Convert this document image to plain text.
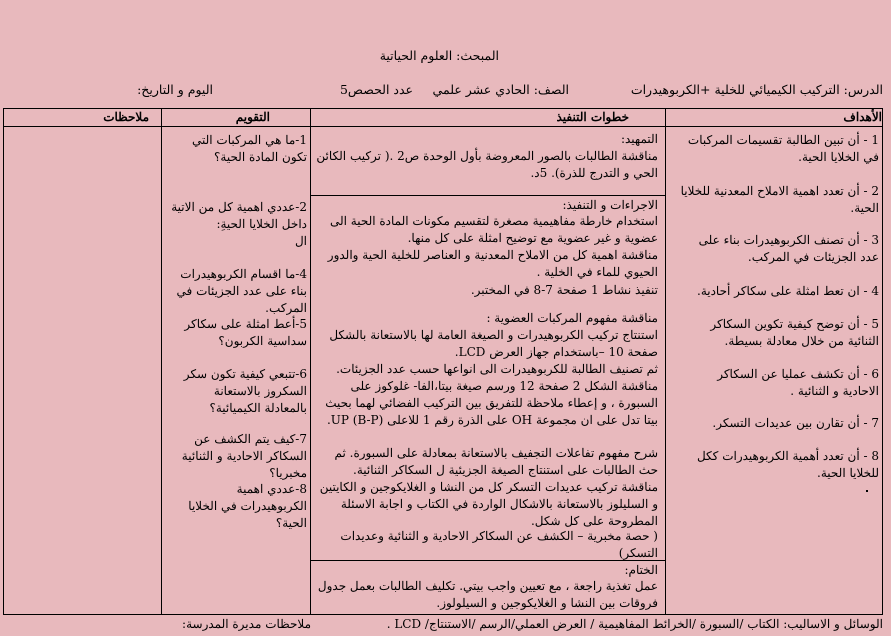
المبحث: العلوم الحياتية
الدرس: التركيب الكيميائي للخلية +الكربوهيدرات
الصف: الحادي عشر علمي
عدد الحصص5
اليوم و التاريخ:
الأهداف
خطوات التنفيذ
التقويم
ملاحظات
1 - أن تبين الطالبة تقسيمات المركبات في الخلايا الحية.
2 - أن تعدد اهمية الاملاح المعدنية للخلايا الحية.
3 - أن تصنف الكربوهيدرات بناء على عدد الجزيئات في المركب.
4 - ان تعط امثلة على سكاكر أحادية.
5 - أن توضح كيفية تكوين السكاكر الثنائية من خلال معادلة بسيطة.
6 - أن تكشف عمليا عن السكاكر الاحادية و الثنائية .
7 - أن تقارن بين عديدات التسكر.
8 - أن تعدد أهمية الكربوهيدرات ككل للخلايا الحية.
التمهيد:
مناقشة الطالبات بالصور المعروضة بأول الوحدة ص2 .( تركيب الكائن الحي و التدرج للذرة). 5د.
الاجراءات و التنفيذ:
استخدام خارطة مفاهيمية مصغرة لتقسيم مكونات المادة الحية الى عضوية و غير عضوية مع توضيح امثلة على كل منها.
مناقشة اهمية كل من الاملاح المعدنية و العناصر للخلية الحية والدور الحيوي للماء في الخلية .
تنفيذ نشاط 1 صفحة 7-8 في المختبر.
مناقشة مفهوم المركبات العضوية :
استنتاج تركيب الكربوهيدرات و الصيغة العامة لها بالاستعانة بالشكل صفحة 10 –باستخدام جهاز العرض LCD.
ثم تصنيف الطالبة للكربوهيدرات الى انواعها حسب عدد الجزيئات.
مناقشة الشكل 2 صفحة 12 ورسم صيغة بيتا،الفا- غلوكوز على السبورة ، و إعطاء ملاحظة للتفريق بين التركيب الفضائي لهما بحيث بيتا تدل على ان مجموعة OH على الذرة رقم 1 للاعلى UP (B-P).
شرح مفهوم تفاعلات التجفيف بالاستعانة بمعادلة على السبورة. ثم حث الطالبات على استنتاج الصيغة الجزيئية ل السكاكر الثنائية.
مناقشة تركيب عديدات التسكر كل من النشا و الغلايكوجين و الكايتين و السليلوز بالاستعانة بالاشكال الواردة في الكتاب و اجابة الاسئلة المطروحة على كل شكل.
( حصة مخبرية – الكشف عن السكاكر الاحادية و الثنائية وعديدات التسكر)
الختام:
عمل تغذية راجعة ، مع تعيين واجب بيتي. تكليف الطالبات بعمل جدول فروقات بين النشا و الغلايكوجين و السيلولوز.
1-ما هي المركبات التي تكون المادة الحية؟
2-عددي اهمية كل من الاتية داخل الخلايا الحيةِ:
ال
4-ما اقسام الكربوهيدرات بناء على عدد الجزيئات في المركب.
5-أعط امثلة على سكاكر سداسية الكربون؟
6-تتبعي كيفية تكون سكر السكروز بالاستعانة بالمعادلة الكيميائية؟
7-كيف يتم الكشف عن السكاكر الاحادية و الثنائية مخبريا؟
8-عددي اهمية الكربوهيدرات في الخلايا الحية؟
الوسائل و الاساليب: الكتاب /السبورة /الخرائط المفاهيمية / العرض العملي/الرسم /الاستنتاج/ LCD .
ملاحظات مديرة المدرسة:
